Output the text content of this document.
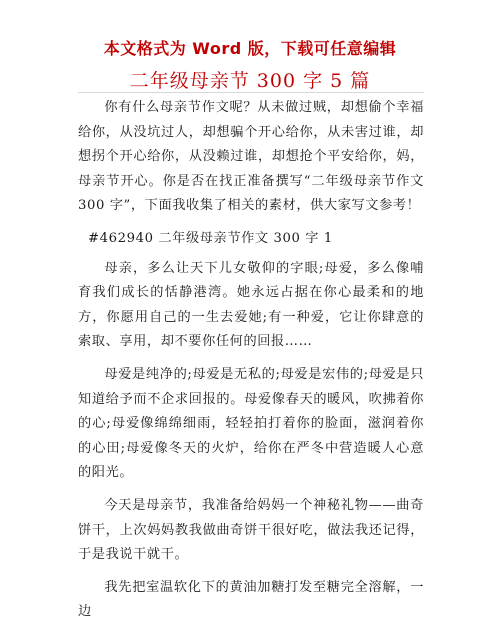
本文格式为 Word 版，下载可任意编辑
二年级母亲节 300 字 5 篇

你有什么母亲节作文呢？从未做过贼，却想偷个幸福给你，从没坑过人，却想骗个开心给你，从未害过谁，却想拐个开心给你，从没赖过谁，却想抢个平安给你，妈，母亲节开心。你是否在找正准备撰写“二年级母亲节作文 300 字”，下面我收集了相关的素材，供大家写文参考！

#462940 二年级母亲节作文 300 字 1

母亲，多么让天下儿女敬仰的字眼;母爱，多么像哺育我们成长的恬静港湾。她永远占据在你心最柔和的地方，你愿用自己的一生去爱她;有一种爱，它让你肆意的索取、享用，却不要你任何的回报……

母爱是纯净的;母爱是无私的;母爱是宏伟的;母爱是只知道给予而不企求回报的。母爱像春天的暖风，吹拂着你的心;母爱像绵绵细雨，轻轻拍打着你的脸面，滋润着你的心田;母爱像冬天的火炉，给你在严冬中营造暖人心意的阳光。

今天是母亲节，我准备给妈妈一个神秘礼物——曲奇饼干，上次妈妈教我做曲奇饼干很好吃，做法我还记得，于是我说干就干。

我先把室温软化下的黄油加糖打发至糖完全溶解，一边
